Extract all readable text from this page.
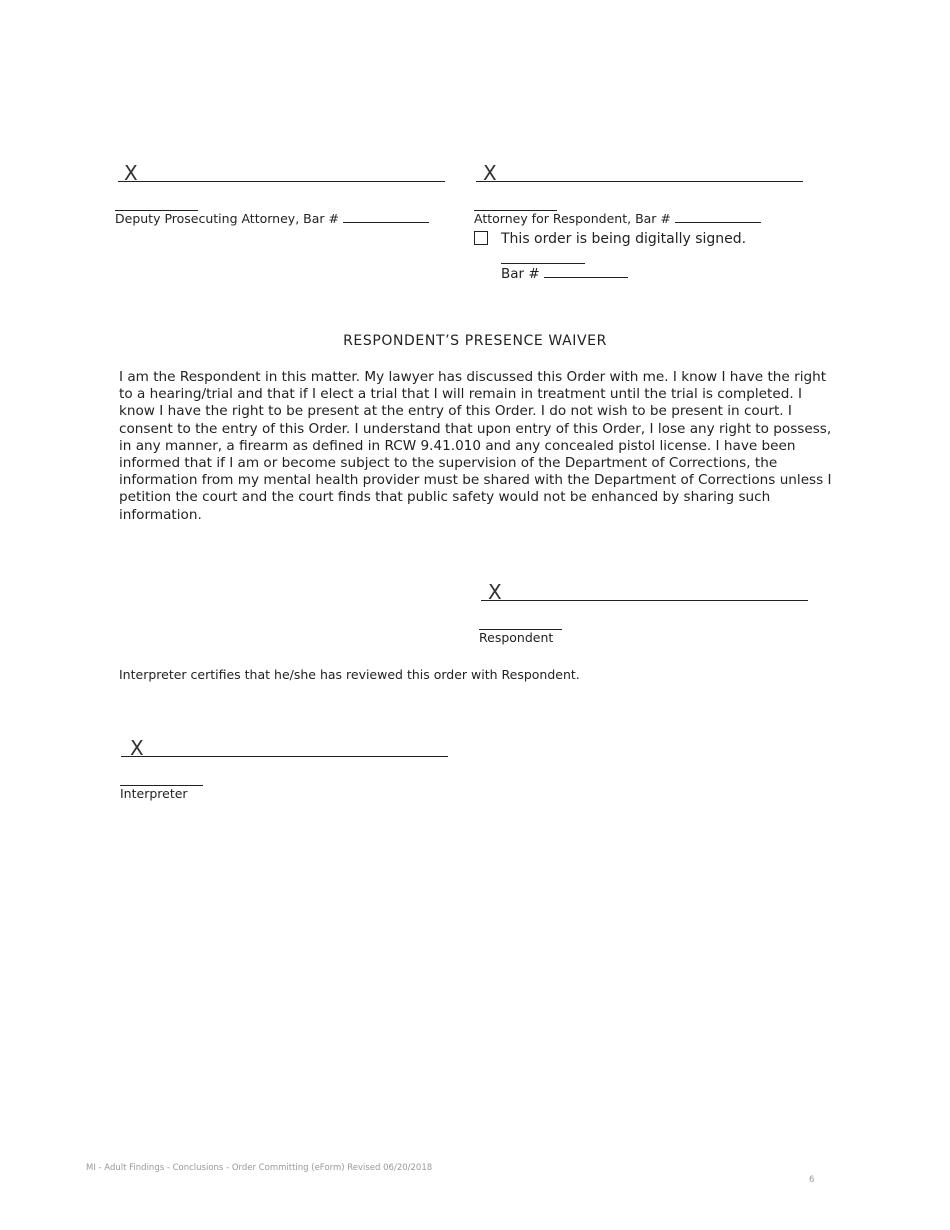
X
Deputy Prosecuting Attorney, Bar #
X
Attorney for Respondent, Bar #
This order is being digitally signed.
Bar #
RESPONDENT’S PRESENCE WAIVER
I am the Respondent in this matter. My lawyer has discussed this Order with me. I know I have the right to a hearing/trial and that if I elect a trial that I will remain in treatment until the trial is completed. I know I have the right to be present at the entry of this Order. I do not wish to be present in court. I consent to the entry of this Order. I understand that upon entry of this Order, I lose any right to possess, in any manner, a firearm as defined in RCW 9.41.010 and any concealed pistol license. I have been informed that if I am or become subject to the supervision of the Department of Corrections, the information from my mental health provider must be shared with the Department of Corrections unless I petition the court and the court finds that public safety would not be enhanced by sharing such information.
X
Respondent
Interpreter certifies that he/she has reviewed this order with Respondent.
X
Interpreter
MI - Adult Findings - Conclusions - Order Committing (eForm) Revised 06/20/2018
6
